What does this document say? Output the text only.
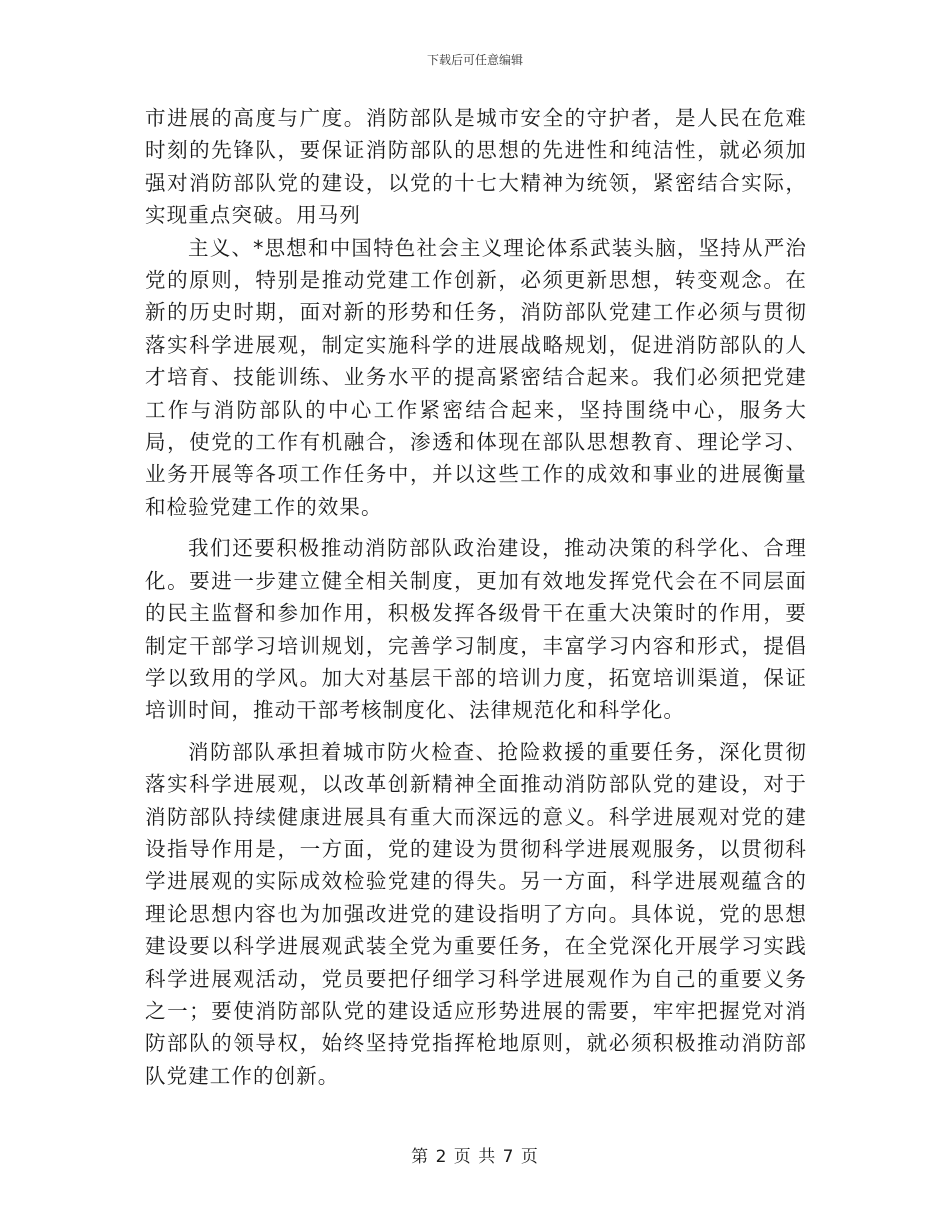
下载后可任意编辑

市进展的高度与广度。消防部队是城市安全的守护者，是人民在危难时刻的先锋队，要保证消防部队的思想的先进性和纯洁性，就必须加强对消防部队党的建设，以党的十七大精神为统领，紧密结合实际，实现重点突破。用马列

主义、*思想和中国特色社会主义理论体系武装头脑，坚持从严治党的原则，特别是推动党建工作创新，必须更新思想，转变观念。在新的历史时期，面对新的形势和任务，消防部队党建工作必须与贯彻落实科学进展观，制定实施科学的进展战略规划，促进消防部队的人才培育、技能训练、业务水平的提高紧密结合起来。我们必须把党建工作与消防部队的中心工作紧密结合起来，坚持围绕中心，服务大局，使党的工作有机融合，渗透和体现在部队思想教育、理论学习、业务开展等各项工作任务中，并以这些工作的成效和事业的进展衡量和检验党建工作的效果。

我们还要积极推动消防部队政治建设，推动决策的科学化、合理化。要进一步建立健全相关制度，更加有效地发挥党代会在不同层面的民主监督和参加作用，积极发挥各级骨干在重大决策时的作用，要制定干部学习培训规划，完善学习制度，丰富学习内容和形式，提倡学以致用的学风。加大对基层干部的培训力度，拓宽培训渠道，保证培训时间，推动干部考核制度化、法律规范化和科学化。

消防部队承担着城市防火检查、抢险救援的重要任务，深化贯彻落实科学进展观，以改革创新精神全面推动消防部队党的建设，对于消防部队持续健康进展具有重大而深远的意义。科学进展观对党的建设指导作用是，一方面，党的建设为贯彻科学进展观服务，以贯彻科学进展观的实际成效检验党建的得失。另一方面，科学进展观蕴含的理论思想内容也为加强改进党的建设指明了方向。具体说，党的思想建设要以科学进展观武装全党为重要任务，在全党深化开展学习实践科学进展观活动，党员要把仔细学习科学进展观作为自己的重要义务之一；要使消防部队党的建设适应形势进展的需要，牢牢把握党对消防部队的领导权，始终坚持党指挥枪地原则，就必须积极推动消防部队党建工作的创新。

第 2 页 共 7 页
